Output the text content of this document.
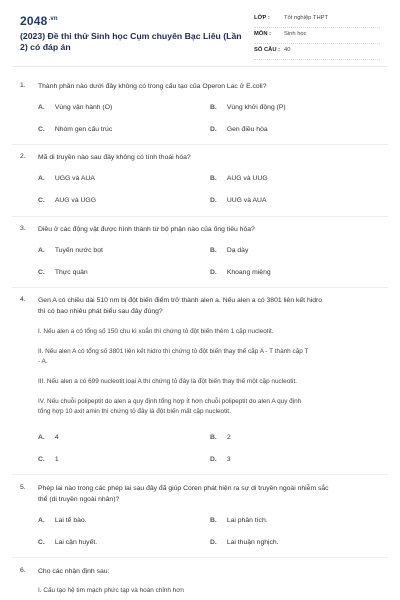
$2048^{.vn}$
(2023) Đề thi thử Sinh học Cụm chuyên Bạc Liêu (Lần 2) có đáp án
LỚP : Tốt nghiệp THPT
MÔN : Sinh học
SỐ CÂU : 40
1. Thành phần nào dưới đây không có trong cấu tạo của Operon Lac ở E.coli?
A. Vùng vận hành (O)	B. Vùng khởi động (P)
C. Nhóm gen cấu trúc	D. Gen điều hòa
2. Mã di truyền nào sau đây không có tính thoái hóa?
A. UGG và AUA	B. AUG và UUG
C. AUG và UGG	D. UUG và AUA
3. Diều ở các động vật được hình thành từ bộ phận nào của ống tiêu hóa?
A. Tuyến nước bọt	B. Dạ dày
C. Thực quản	D. Khoang miệng
4. Gen A có chiều dài 510 nm bị đột biến điểm trở thành alen a. Nếu alen a có 3801 liên kết hidro
thì có bao nhiêu phát biểu sau đây đúng?
I. Nếu alen a có tổng số 150 chu kì xoắn thì chứng tỏ đột biến thêm 1 cặp nucleotit.
II. Nếu alen A có tổng số 3801 liên kết hidro thì chứng tỏ đột biến thay thế cặp A - T thành cặp T
- A.
III. Nếu alen a có 699 nucleotit loại A thì chứng tỏ đây là đột biến thay thế một cặp nucleotit.
IV. Nếu chuỗi polipeptit do alen a quy định tổng hợp ít hơn chuỗi polipeptit do alen A quy định
tổng hợp 10 axit amin thì chứng tỏ đây là đột biến mất cặp nucleotit.
A. 4	B. 2
C. 1	D. 3
5. Phép lai nào trong các phép lai sau đây đã giúp Coren phát hiện ra sự di truyền ngoài nhiễm sắc
thể (di truyền ngoài nhân)?
A. Lai tế bào.	B. Lai phân tích.
C. Lai cận huyết.	D. Lai thuận nghịch.
6. Cho các nhận định sau:
I. Cấu tạo hệ tim mạch phức tạp và hoàn chỉnh hơn
